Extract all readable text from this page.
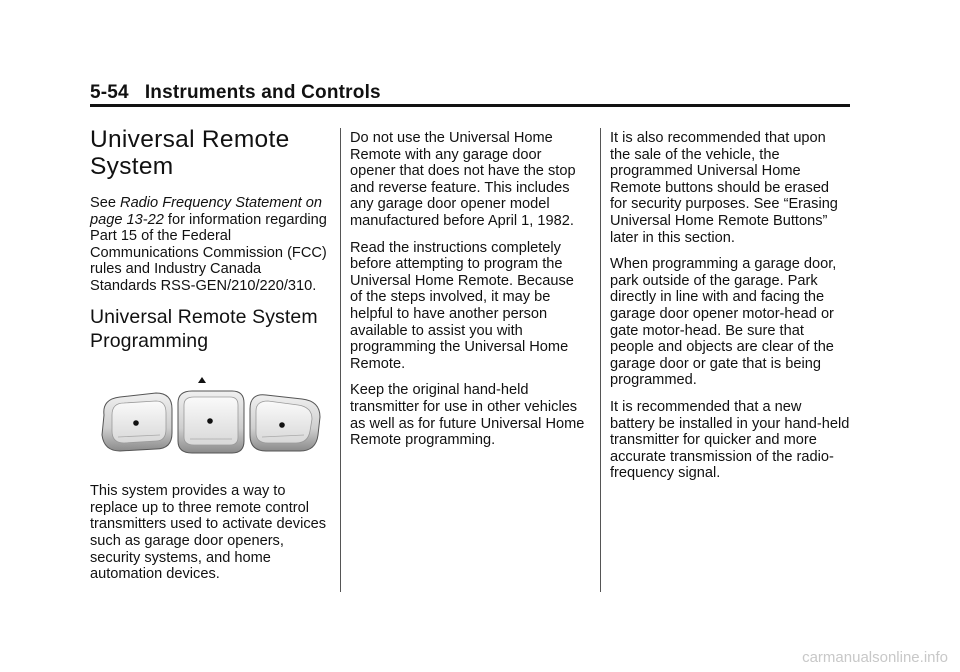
5-54 Instruments and Controls
Universal Remote System

See Radio Frequency Statement on page 13-22 for information regarding Part 15 of the Federal Communications Commission (FCC) rules and Industry Canada Standards RSS-GEN/210/220/310.

Universal Remote System Programming

This system provides a way to replace up to three remote control transmitters used to activate devices such as garage door openers, security systems, and home automation devices.

Do not use the Universal Home Remote with any garage door opener that does not have the stop and reverse feature. This includes any garage door opener model manufactured before April 1, 1982.

Read the instructions completely before attempting to program the Universal Home Remote. Because of the steps involved, it may be helpful to have another person available to assist you with programming the Universal Home Remote.

Keep the original hand-held transmitter for use in other vehicles as well as for future Universal Home Remote programming.

It is also recommended that upon the sale of the vehicle, the programmed Universal Home Remote buttons should be erased for security purposes. See “Erasing Universal Home Remote Buttons” later in this section.

When programming a garage door, park outside of the garage. Park directly in line with and facing the garage door opener motor-head or gate motor-head. Be sure that people and objects are clear of the garage door or gate that is being programmed.

It is recommended that a new battery be installed in your hand-held transmitter for quicker and more accurate transmission of the radio-frequency signal.

carmanualsonline.info
